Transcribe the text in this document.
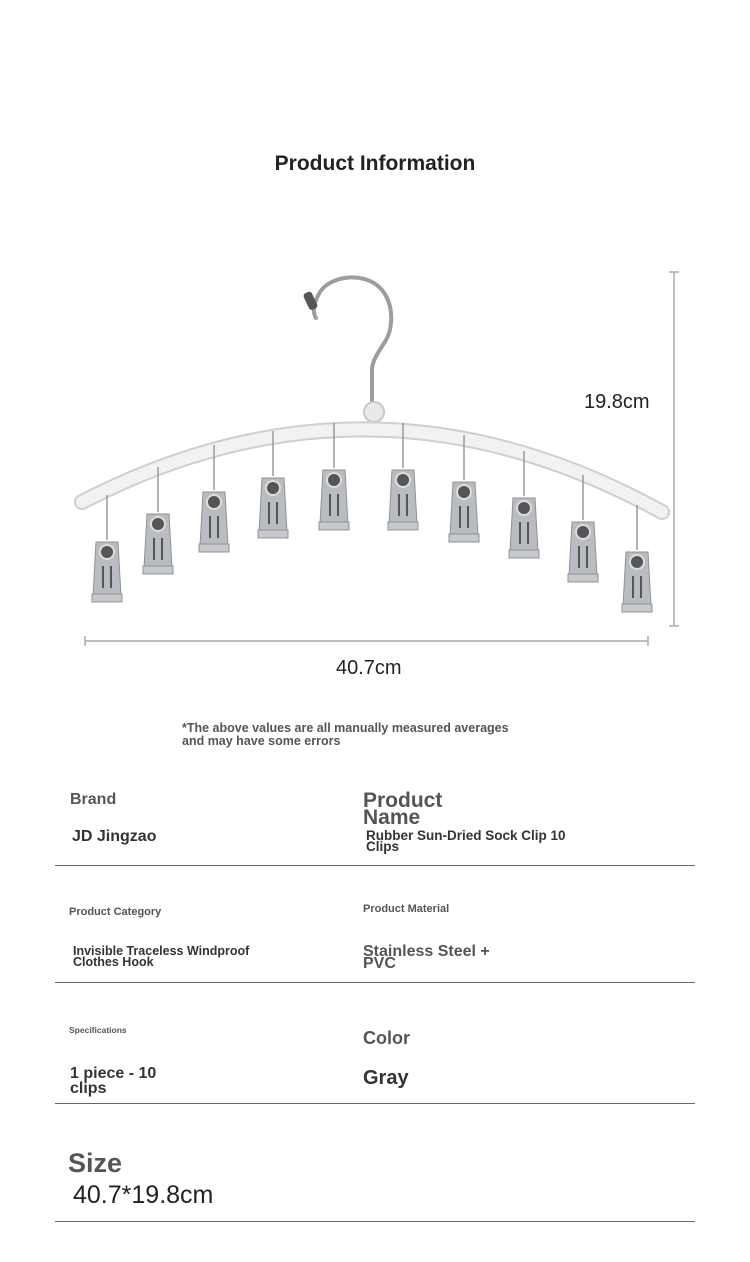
Product Information
19.8cm
40.7cm
*The above values are all manually measured averages and may have some errors
Brand
JD Jingzao
Product Name
Rubber Sun-Dried Sock Clip 10 Clips
Product Category
Invisible Traceless Windproof Clothes Hook
Product Material
Stainless Steel + PVC
Specifications
1 piece - 10 clips
Color
Gray
Size
40.7*19.8cm
